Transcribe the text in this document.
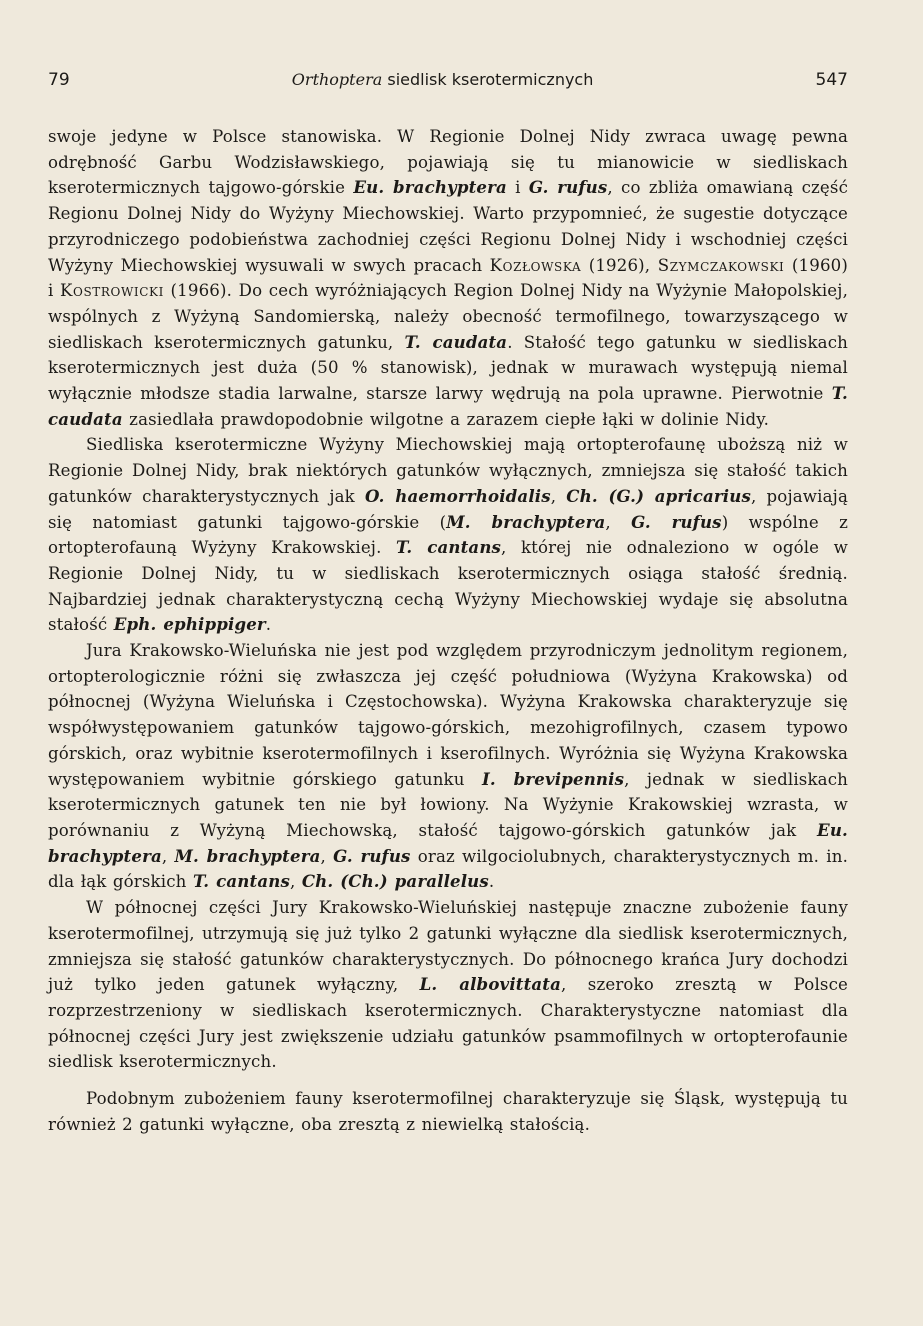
79	Orthoptera siedlisk kserotermicznych	547

swoje jedyne w Polsce stanowiska. W Regionie Dolnej Nidy zwraca uwagę pewna odrębność Garbu Wodzisławskiego, pojawiają się tu mianowicie w siedliskach kserotermicznych tajgowo-górskie Eu. brachyptera i G. rufus, co zbliża omawianą część Regionu Dolnej Nidy do Wyżyny Miechowskiej. Warto przypomnieć, że sugestie dotyczące przyrodniczego podobieństwa zachodniej części Regionu Dolnej Nidy i wschodniej części Wyżyny Miechowskiej wysuwali w swych pracach Kozłowska (1926), Szymczakowski (1960) i Kostrowicki (1966). Do cech wyróżniających Region Dolnej Nidy na Wyżynie Małopolskiej, wspólnych z Wyżyną Sandomierską, należy obecność termofilnego, towarzyszącego w siedliskach kserotermicznych gatunku, T. caudata. Stałość tego gatunku w siedliskach kserotermicznych jest duża (50 % stanowisk), jednak w murawach występują niemal wyłącznie młodsze stadia larwalne, starsze larwy wędrują na pola uprawne. Pierwotnie T. caudata zasiedlała prawdopodobnie wilgotne a zarazem ciepłe łąki w dolinie Nidy.

Siedliska kserotermiczne Wyżyny Miechowskiej mają ortopterofaunę uboższą niż w Regionie Dolnej Nidy, brak niektórych gatunków wyłącznych, zmniejsza się stałość takich gatunków charakterystycznych jak O. haemorrhoidalis, Ch. (G.) apricarius, pojawiają się natomiast gatunki tajgowo-górskie (M. brachyptera, G. rufus) wspólne z ortopterofauną Wyżyny Krakowskiej. T. cantans, której nie odnaleziono w ogóle w Regionie Dolnej Nidy, tu w siedliskach kserotermicznych osiąga stałość średnią. Najbardziej jednak charakterystyczną cechą Wyżyny Miechowskiej wydaje się absolutna stałość Eph. ephippiger.

Jura Krakowsko-Wieluńska nie jest pod względem przyrodniczym jednolitym regionem, ortopterologicznie różni się zwłaszcza jej część południowa (Wyżyna Krakowska) od północnej (Wyżyna Wieluńska i Częstochowska). Wyżyna Krakowska charakteryzuje się współwystępowaniem gatunków tajgowo-górskich, mezohigrofilnych, czasem typowo górskich, oraz wybitnie kserotermofilnych i kserofilnych. Wyróżnia się Wyżyna Krakowska występowaniem wybitnie górskiego gatunku I. brevipennis, jednak w siedliskach kserotermicznych gatunek ten nie był łowiony. Na Wyżynie Krakowskiej wzrasta, w porównaniu z Wyżyną Miechowską, stałość tajgowo-górskich gatunków jak Eu. brachyptera, M. brachyptera, G. rufus oraz wilgociolubnych, charakterystycznych m. in. dla łąk górskich T. cantans, Ch. (Ch.) parallelus.

W północnej części Jury Krakowsko-Wieluńskiej następuje znaczne zubożenie fauny kserotermofilnej, utrzymują się już tylko 2 gatunki wyłączne dla siedlisk kserotermicznych, zmniejsza się stałość gatunków charakterystycznych. Do północnego krańca Jury dochodzi już tylko jeden gatunek wyłączny, L. albovittata, szeroko zresztą w Polsce rozprzestrzeniony w siedliskach kserotermicznych. Charakterystyczne natomiast dla północnej części Jury jest zwiększenie udziału gatunków psammofilnych w ortopterofaunie siedlisk kserotermicznych.

Podobnym zubożeniem fauny kserotermofilnej charakteryzuje się Śląsk, występują tu również 2 gatunki wyłączne, oba zresztą z niewielką stałością.
